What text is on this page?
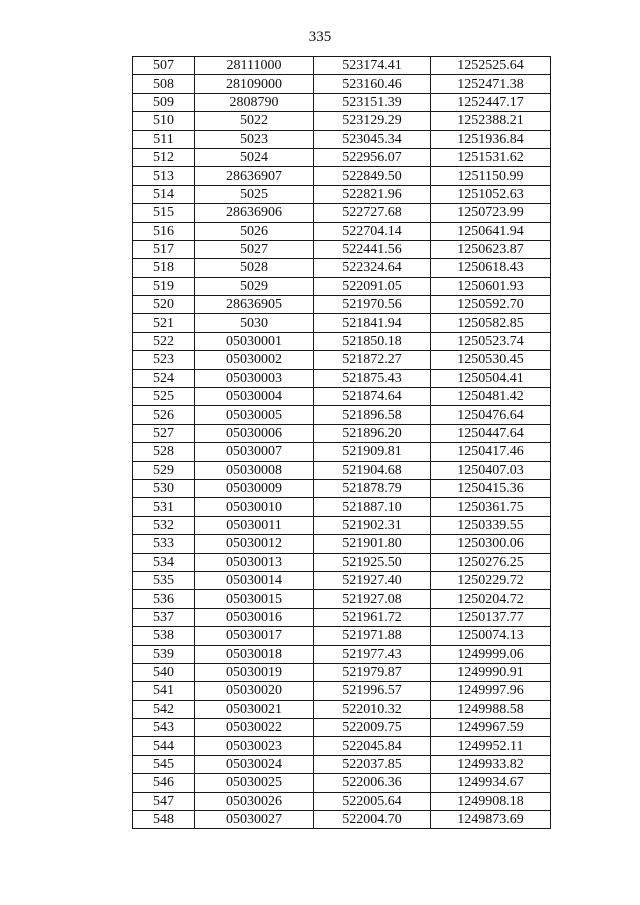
335
507	28111000	523174.41	1252525.64
508	28109000	523160.46	1252471.38
509	2808790	523151.39	1252447.17
510	5022	523129.29	1252388.21
511	5023	523045.34	1251936.84
512	5024	522956.07	1251531.62
513	28636907	522849.50	1251150.99
514	5025	522821.96	1251052.63
515	28636906	522727.68	1250723.99
516	5026	522704.14	1250641.94
517	5027	522441.56	1250623.87
518	5028	522324.64	1250618.43
519	5029	522091.05	1250601.93
520	28636905	521970.56	1250592.70
521	5030	521841.94	1250582.85
522	05030001	521850.18	1250523.74
523	05030002	521872.27	1250530.45
524	05030003	521875.43	1250504.41
525	05030004	521874.64	1250481.42
526	05030005	521896.58	1250476.64
527	05030006	521896.20	1250447.64
528	05030007	521909.81	1250417.46
529	05030008	521904.68	1250407.03
530	05030009	521878.79	1250415.36
531	05030010	521887.10	1250361.75
532	05030011	521902.31	1250339.55
533	05030012	521901.80	1250300.06
534	05030013	521925.50	1250276.25
535	05030014	521927.40	1250229.72
536	05030015	521927.08	1250204.72
537	05030016	521961.72	1250137.77
538	05030017	521971.88	1250074.13
539	05030018	521977.43	1249999.06
540	05030019	521979.87	1249990.91
541	05030020	521996.57	1249997.96
542	05030021	522010.32	1249988.58
543	05030022	522009.75	1249967.59
544	05030023	522045.84	1249952.11
545	05030024	522037.85	1249933.82
546	05030025	522006.36	1249934.67
547	05030026	522005.64	1249908.18
548	05030027	522004.70	1249873.69
